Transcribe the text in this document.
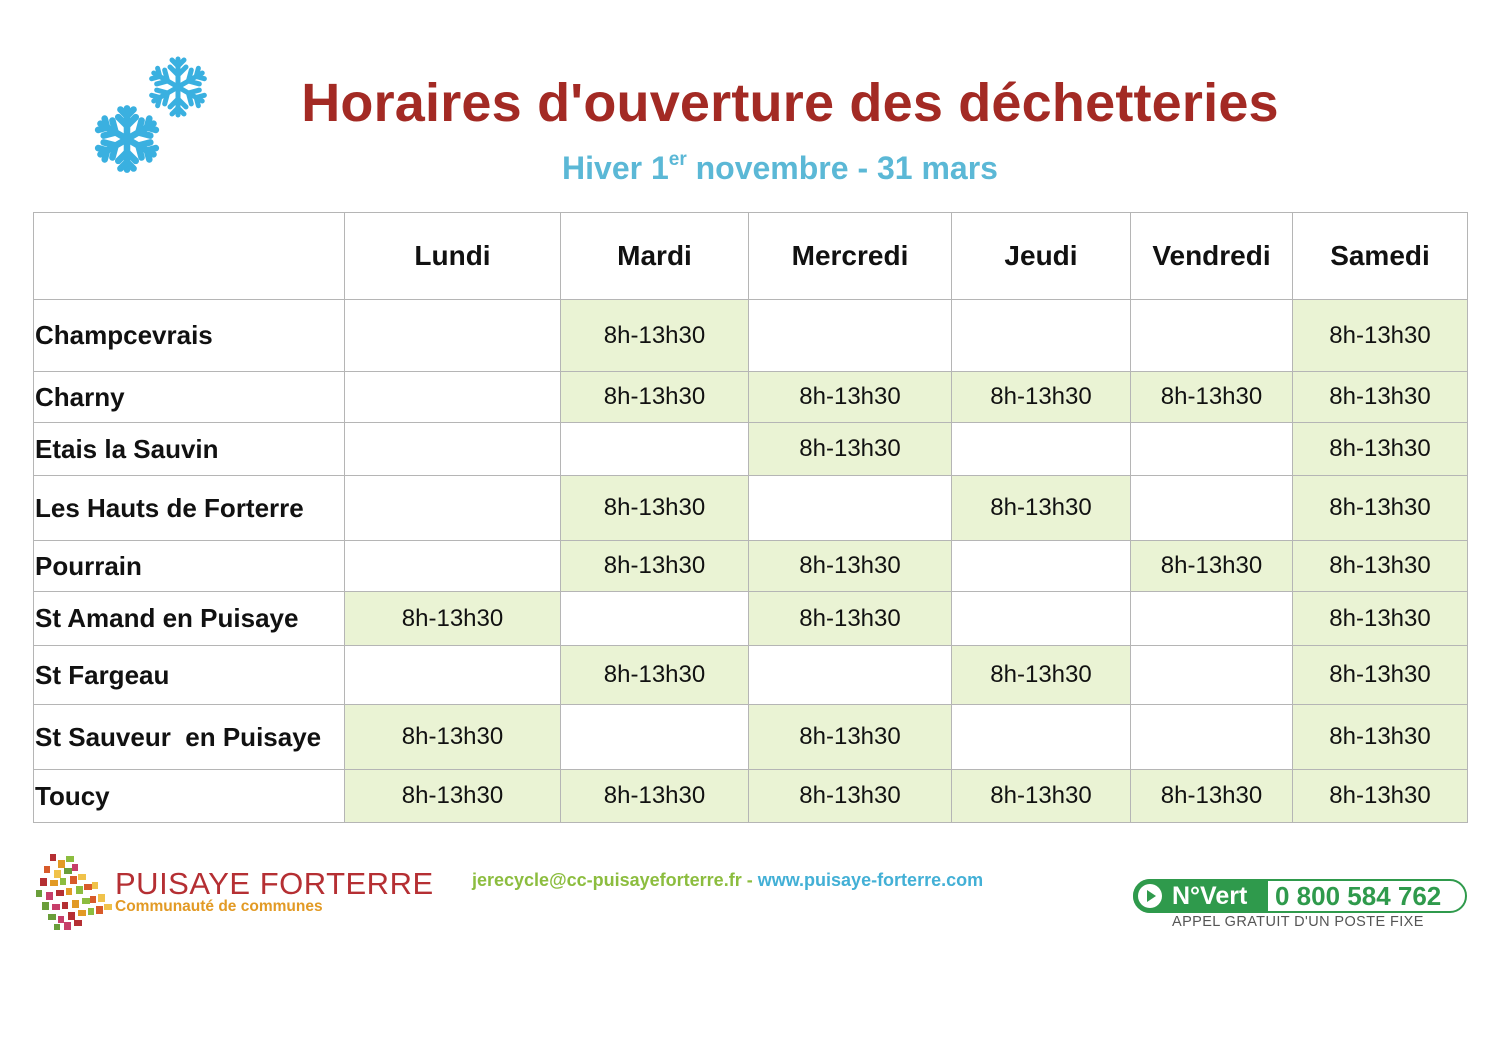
Horaires d'ouverture des déchetteries
Hiver 1er novembre - 31 mars
	Lundi	Mardi	Mercredi	Jeudi	Vendredi	Samedi
Champcevrais		8h-13h30				8h-13h30
Charny		8h-13h30	8h-13h30	8h-13h30	8h-13h30	8h-13h30
Etais la Sauvin			8h-13h30			8h-13h30
Les Hauts de Forterre		8h-13h30		8h-13h30		8h-13h30
Pourrain		8h-13h30	8h-13h30		8h-13h30	8h-13h30
St Amand en Puisaye	8h-13h30		8h-13h30			8h-13h30
St Fargeau		8h-13h30		8h-13h30		8h-13h30
St Sauveur  en Puisaye	8h-13h30		8h-13h30			8h-13h30
Toucy	8h-13h30	8h-13h30	8h-13h30	8h-13h30	8h-13h30	8h-13h30
PUISAYE FORTERRE
Communauté de communes
jerecycle@cc-puisayeforterre.fr - www.puisaye-forterre.com
N°Vert 0 800 584 762
APPEL GRATUIT D'UN POSTE FIXE
